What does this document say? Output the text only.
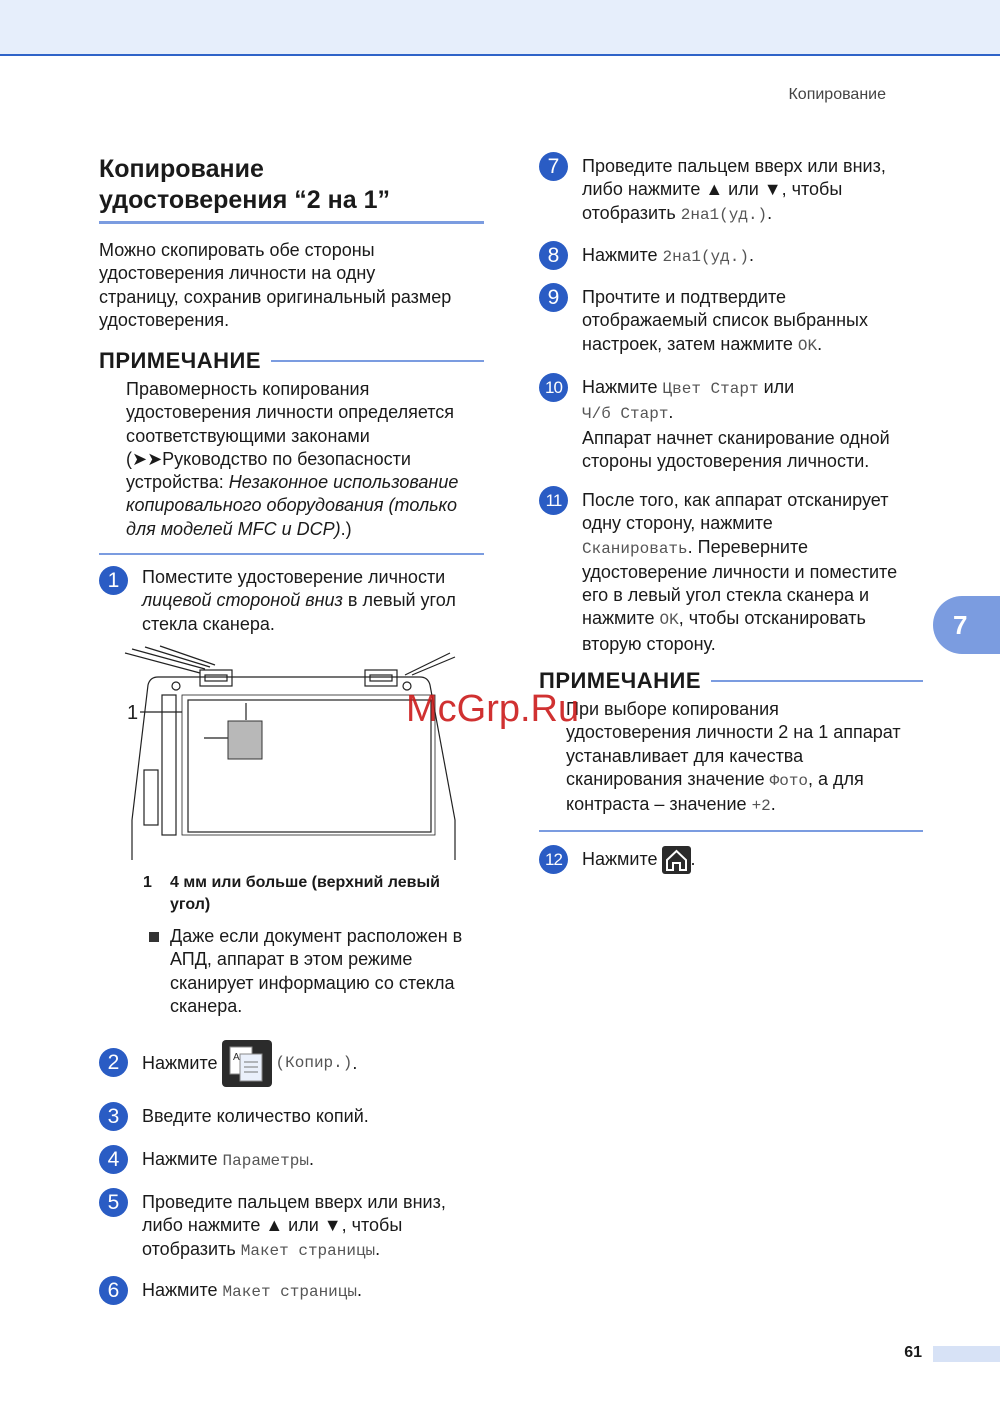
Копирование
Копирование
удостоверения “2 на 1”
Можно скопировать обе стороны
удостоверения личности на одну
страницу, сохранив оригинальный размер
удостоверения.
ПРИМЕЧАНИЕ
Правомерность копирования
удостоверения личности определяется
соответствующими законами
(➤➤Руководство по безопасности
устройства: Незаконное использование
копировального оборудования (только
для моделей MFC и DCP).)
1	Поместите удостоверение личности
лицевой стороной вниз в левый угол
стекла сканера.
1
1	4 мм или больше (верхний левый
угол)
Даже если документ расположен в
АПД, аппарат в этом режиме
сканирует информацию со стекла
сканера.
2	Нажмите A (Копир.) .
3	Введите количество копий.
4	Нажмите Параметры.
5	Проведите пальцем вверх или вниз,
либо нажмите ▲ или ▼, чтобы
отобразить Макет страницы.
6	Нажмите Макет страницы.
7	Проведите пальцем вверх или вниз,
либо нажмите ▲ или ▼, чтобы
отобразить 2на1(уд.).
8	Нажмите 2на1(уд.).
9	Прочтите и подтвердите
отображаемый список выбранных
настроек, затем нажмите OK.
10	Нажмите Цвет Старт или
Ч/б Старт.
Аппарат начнет сканирование одной
стороны удостоверения личности.
11	После того, как аппарат отсканирует
одну сторону, нажмите
Сканировать. Переверните
удостоверение личности и поместите
его в левый угол стекла сканера и
нажмите OK, чтобы отсканировать
вторую сторону.
ПРИМЕЧАНИЕ
При выборе копирования
удостоверения личности 2 на 1 аппарат
устанавливает для качества
сканирования значение Фото, а для
контраста – значение +2.
12	Нажмите .
7
McGrp.Ru
61
